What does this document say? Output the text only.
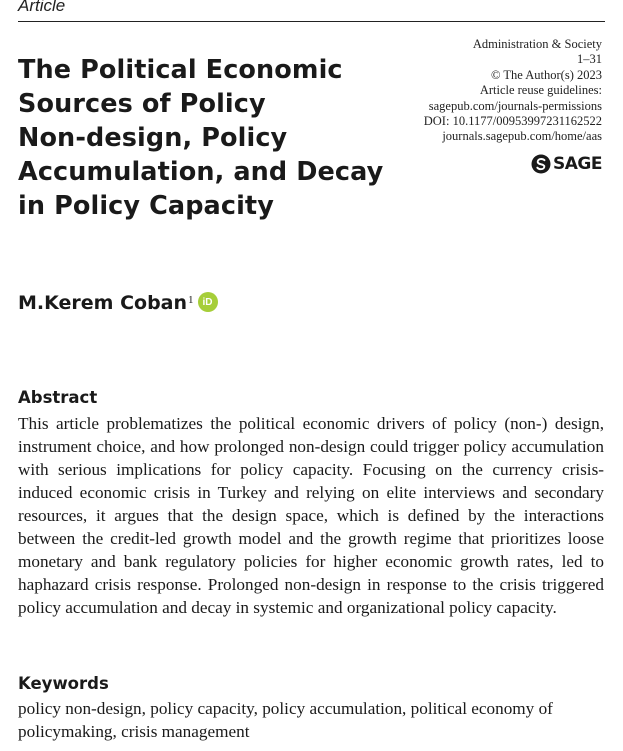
Article
The Political Economic
Sources of Policy
Non-design, Policy
Accumulation, and Decay
in Policy Capacity
Administration & Society
1–31
© The Author(s) 2023
Article reuse guidelines:
sagepub.com/journals-permissions
DOI: 10.1177/00953997231162522
journals.sagepub.com/home/aas
SAGE
M.Kerem Coban 1 iD
Abstract

This article problematizes the political economic drivers of policy (non-) design, instrument choice, and how prolonged non-design could trigger policy accumulation with serious implications for policy capacity. Focusing on the currency crisis-induced economic crisis in Turkey and relying on elite interviews and secondary resources, it argues that the design space, which is defined by the interactions between the credit-led growth model and the growth regime that prioritizes loose monetary and bank regulatory policies for higher economic growth rates, led to haphazard crisis response. Prolonged non-design in response to the crisis triggered policy accumulation and decay in systemic and organizational policy capacity.

Keywords

policy non-design, policy capacity, policy accumulation, political economy of policymaking, crisis management
